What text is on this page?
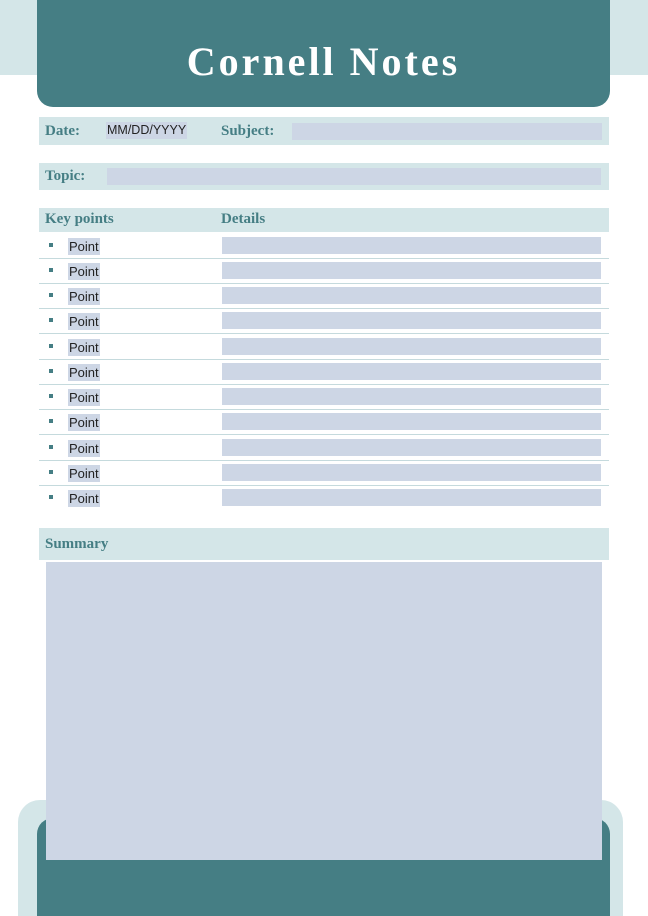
Cornell Notes
Date: MM/DD/YYYY Subject:
Topic:
Key points	Details
Point
Point
Point
Point
Point
Point
Point
Point
Point
Point
Point
Summary
